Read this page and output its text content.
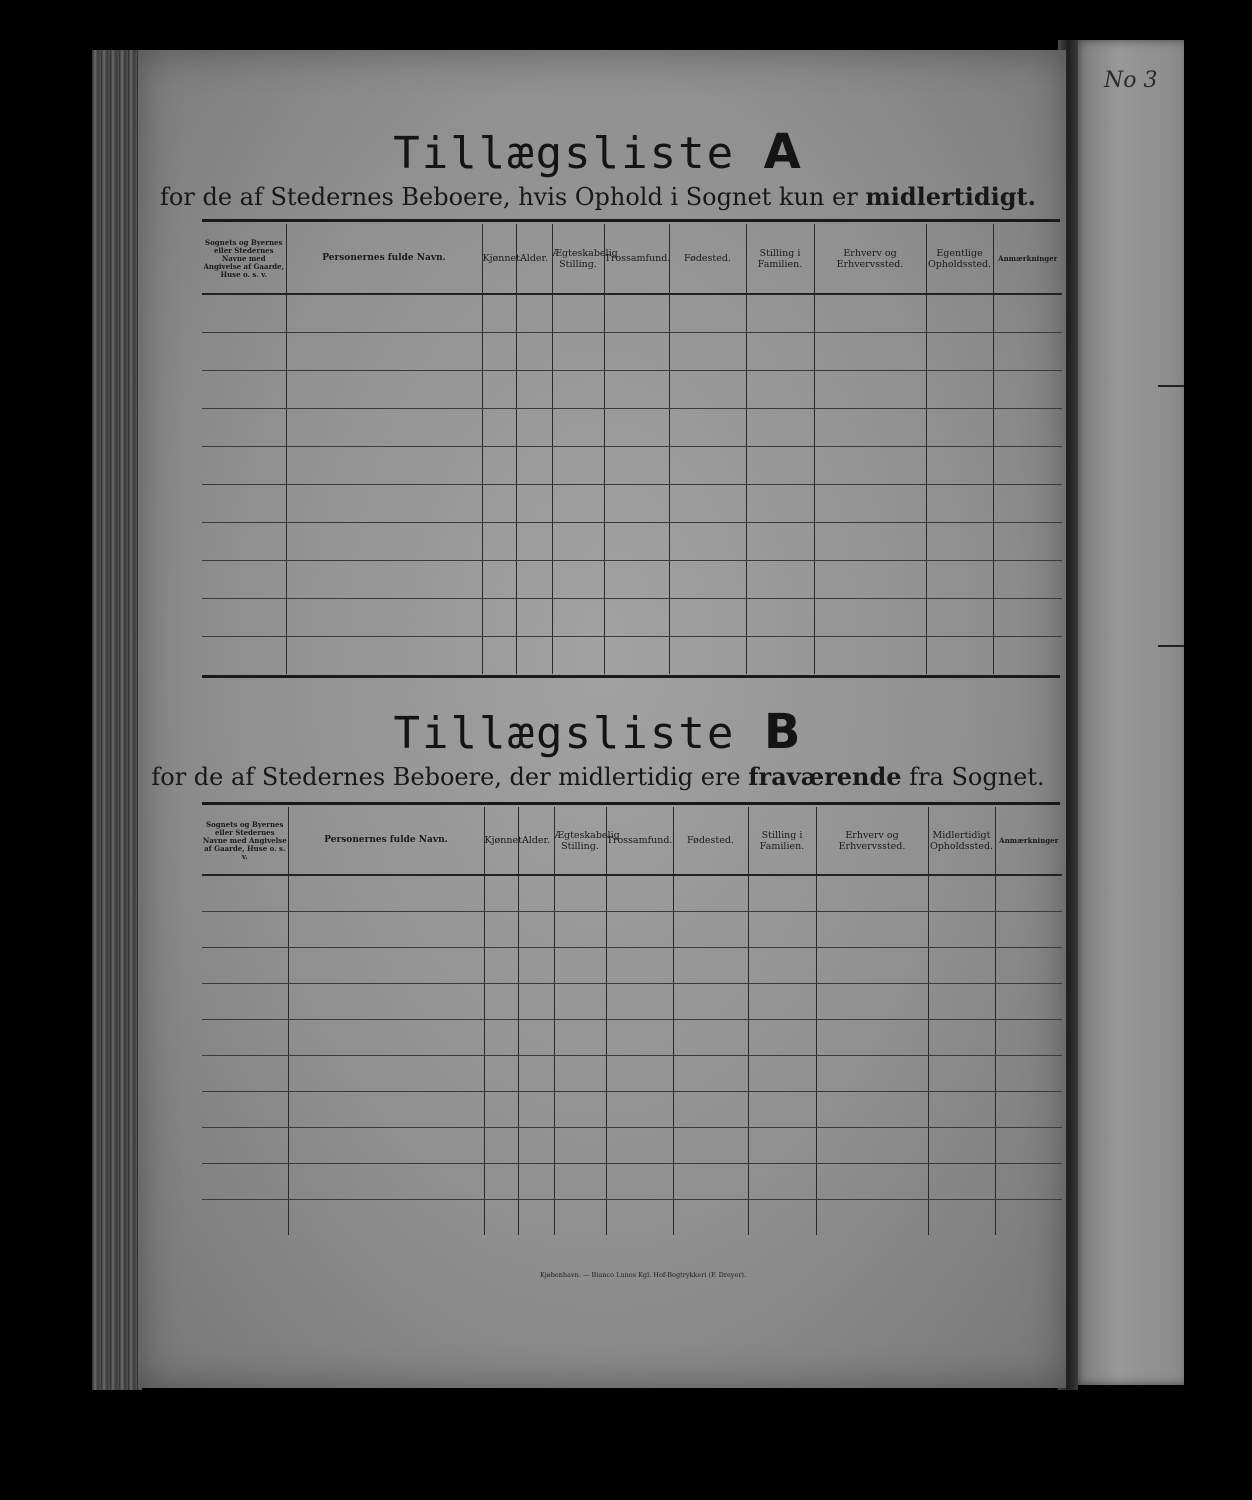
No 3
Tillægsliste A
for de af Stedernes Beboere, hvis Ophold i Sognet kun er midlertidigt.
Sognets og Byernes eller Stedernes Navne med Angivelse af Gaarde, Huse o. s. v.	Personernes fulde Navn.	Kjønnet.	Alder.	Ægteskabelig Stilling.	Trossamfund.	Fødested.	Stilling i Familien.	Erhverv og Erhvervssted.	Egentlige Opholdssted.	Anmærkninger

Tillægsliste B
for de af Stedernes Beboere, der midlertidig ere fraværende fra Sognet.
Sognets og Byernes eller Stedernes Navne med Angivelse af Gaarde, Huse o. s. v.	Personernes fulde Navn.	Kjønnet.	Alder.	Ægteskabelig Stilling.	Trossamfund.	Fødested.	Stilling i Familien.	Erhverv og Erhvervssted.	Midlertidigt Opholdssted.	Anmærkninger

Kjøbenhavn. — Bianco Lunos Kgl. Hof-Bogtrykkeri (F. Dreyer).
